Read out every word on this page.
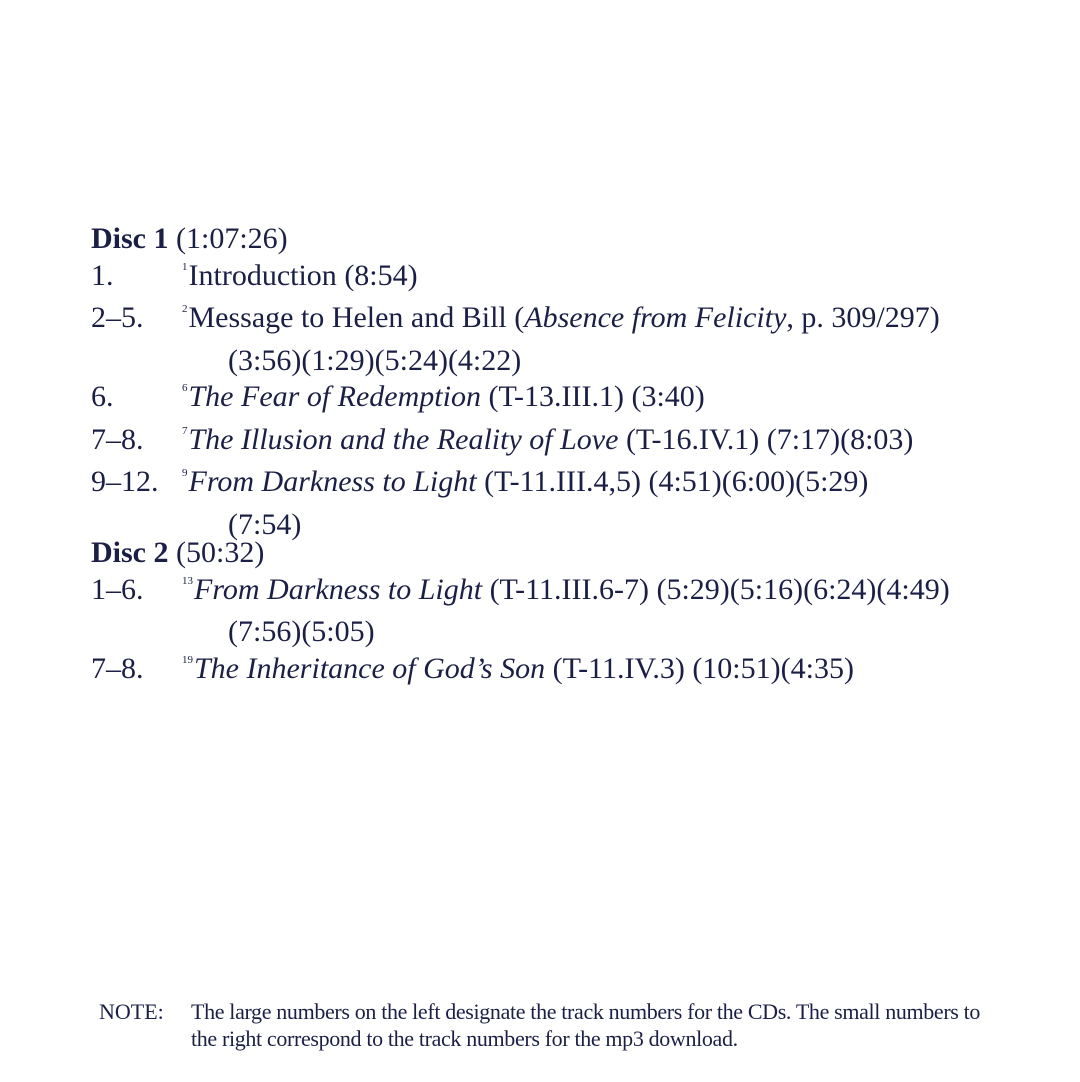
Disc 1 (1:07:26)
1.	$^1$Introduction (8:54)
2–5.	$^2$Message to Helen and Bill (Absence from Felicity, p. 309/297)
(3:56)(1:29)(5:24)(4:22)
6.	$^6$The Fear of Redemption (T-13.III.1) (3:40)
7–8.	$^7$The Illusion and the Reality of Love (T-16.IV.1) (7:17)(8:03)
9–12. $^9$From Darkness to Light (T-11.III.4,5) (4:51)(6:00)(5:29)
(7:54)
Disc 2 (50:32)
1–6.	$^{13}$From Darkness to Light (T-11.III.6-7) (5:29)(5:16)(6:24)(4:49)
(7:56)(5:05)
7–8.	$^{19}$The Inheritance of God’s Son (T-11.IV.3) (10:51)(4:35)
NOTE:	The large numbers on the left designate the track numbers for the CDs. The small numbers to the right correspond to the track numbers for the mp3 download.
